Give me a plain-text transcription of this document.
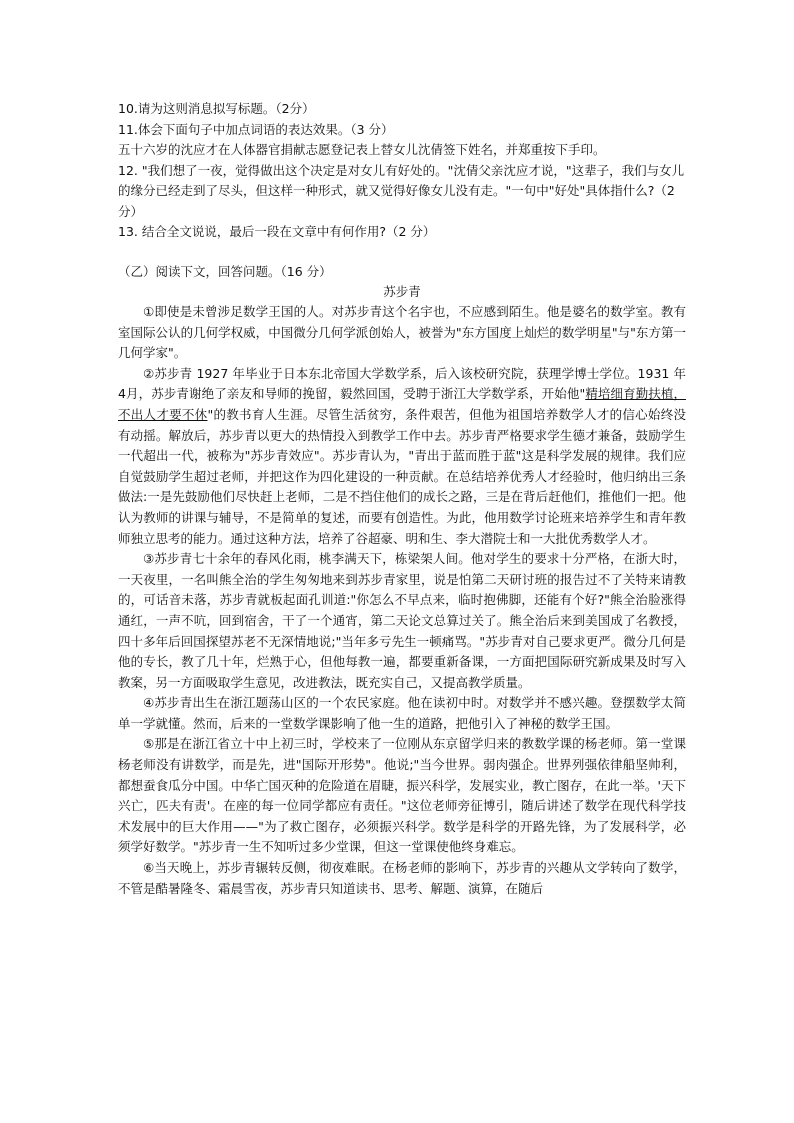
10.请为这则消息拟写标题。（2分）

11.体会下面句子中加点词语的表达效果。（3 分）

五十六岁的沈应才在人体器官捐献志愿登记表上替女儿沈倩签下姓名，并郑重按下手印。

12. "我们想了一夜，觉得做出这个决定是对女儿有好处的。"沈倩父亲沈应才说，"这辈子，我们与女儿的缘分已经走到了尽头，但这样一种形式，就又觉得好像女儿没有走。"一句中"好处"具体指什么?（2 分）

13. 结合全文说说，最后一段在文章中有何作用?（2 分）

（乙）阅读下文，回答问题。（16 分）

苏步青

①即使是未曾涉足数学王国的人。对苏步青这个名宇也，不应感到陌生。他是婆名的数学室。教有室国际公认的几何学权威，中国微分几何学派创始人，被誉为"东方国度上灿烂的数学明星"与"东方第一几何学家"。

②苏步青 1927 年毕业于日本东北帝国大学数学系，后入该校研究院，获理学博士学位。1931 年 4月，苏步青谢绝了亲友和导师的挽留，毅然回国，受聘于浙江大学数学系，开始他"精培细育勤扶植，不出人才要不休"的教书育人生涯。尽管生活贫穷，条件艰苦，但他为祖国培养数学人才的信心始终没有动摇。解放后，苏步青以更大的热情投入到教学工作中去。苏步青严格要求学生德才兼备，鼓励学生一代超出一代，被称为"苏步青效应"。苏步青认为，"青出于蓝而胜于蓝"这是科学发展的规律。我们应自觉鼓励学生超过老师，并把这作为四化建设的一种贡献。在总结培养优秀人才经验时，他归纳出三条做法:一是先鼓励他们尽快赶上老师，二是不挡住他们的成长之路，三是在背后赶他们，推他们一把。他认为教师的讲课与辅导，不是简单的复述，而要有创造性。为此，他用数学讨论班来培养学生和青年教师独立思考的能力。通过这种方法，培养了谷超豪、明和生、李大潜院士和一大批优秀数学人才。

③苏步青七十余年的春风化雨，桃李满天下，栋梁架人间。他对学生的要求十分严格，在浙大时，一天夜里，一名叫熊全治的学生匆匆地来到苏步青家里，说是怕第二天研讨班的报告过不了关特来请教的，可话音未落，苏步青就板起面孔训道:"你怎么不早点来，临时抱佛脚，还能有个好?"熊全治脸涨得通红，一声不吭，回到宿舍，干了一个通宵，第二天论文总算过关了。熊全治后来到美国成了名教授，四十多年后回国探望苏老不无深情地说;"当年多亏先生一顿痛骂。"苏步青对自己要求更严。微分几何是他的专长，教了几十年，烂熟于心，但他每教一遍，都要重新备课，一方面把国际研究新成果及时写入教案，另一方面吸取学生意见，改进教法，既充实自己，又提高教学质量。

④苏步青出生在浙江题荡山区的一个农民家庭。他在读初中时。对数学并不感兴趣。登摆数学太简单一学就懂。然而，后来的一堂数学课影响了他一生的道路，把他引入了神秘的数学王国。

⑤那是在浙江省立十中上初三时，学校来了一位刚从东京留学归来的教数学课的杨老师。第一堂课杨老师没有讲数学，而是先，进"国际开形势"。他说;"当今世界。弱肉强企。世界列强依律船坚帅利，都想蚕食瓜分中国。中华亡国灭种的危险道在眉睫，振兴科学，发展实业，教亡图存，在此一举。'天下兴亡，匹夫有责'。在座的每一位同学都应有责任。"这位老师旁征博引，随后讲述了数学在现代科学技术发展中的巨大作用——"为了救亡图存，必须振兴科学。数学是科学的开路先锋，为了发展科学，必须学好数学。"苏步青一生不知听过多少堂课，但这一堂课使他终身难忘。

⑥当天晚上，苏步青辗转反侧，彻夜难眠。在杨老师的影响下，苏步青的兴趣从文学转向了数学，不管是酷暑隆冬、霜晨雪夜，苏步青只知道读书、思考、解题、演算，在随后
